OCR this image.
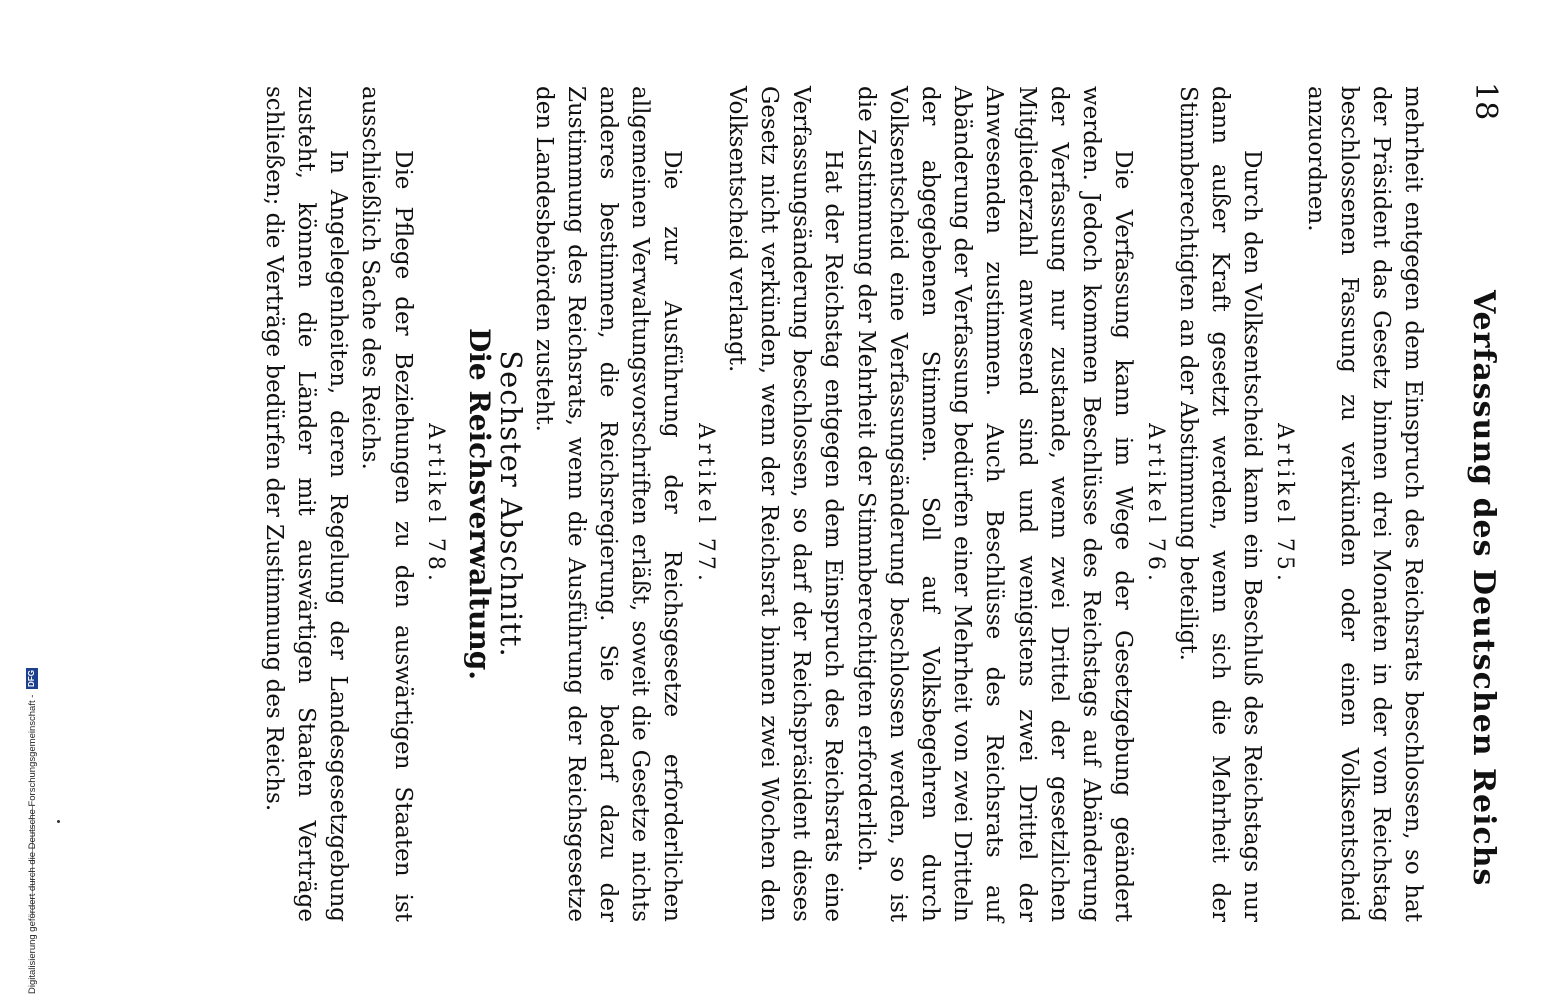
18
Verfassung des Deutschen Reichs

mehrheit entgegen dem Einspruch des Reichsrats beschlossen, so hat der Präsident das Gesetz binnen drei Monaten in der vom Reichstag beschlossenen Fassung zu verkünden oder einen Volksentscheid anzuordnen.

Artikel 75.

Durch den Volksentscheid kann ein Beschluß des Reichstags nur dann außer Kraft gesetzt werden, wenn sich die Mehrheit der Stimmberechtigten an der Abstimmung beteiligt.

Artikel 76.

Die Verfassung kann im Wege der Gesetzgebung geändert werden. Jedoch kommen Beschlüsse des Reichstags auf Abänderung der Verfassung nur zustande, wenn zwei Drittel der gesetzlichen Mitgliederzahl anwesend sind und wenigstens zwei Drittel der Anwesenden zustimmen. Auch Beschlüsse des Reichsrats auf Abänderung der Verfassung bedürfen einer Mehrheit von zwei Dritteln der abgegebenen Stimmen. Soll auf Volksbegehren durch Volksentscheid eine Verfassungsänderung beschlossen werden, so ist die Zustimmung der Mehrheit der Stimmberechtigten erforderlich.

Hat der Reichstag entgegen dem Einspruch des Reichsrats eine Verfassungsänderung beschlossen, so darf der Reichspräsident dieses Gesetz nicht verkünden, wenn der Reichsrat binnen zwei Wochen den Volksentscheid verlangt.

Artikel 77.

Die zur Ausführung der Reichsgesetze erforderlichen allgemeinen Verwaltungsvorschriften erläßt, soweit die Gesetze nichts anderes bestimmen, die Reichsregierung. Sie bedarf dazu der Zustimmung des Reichsrats, wenn die Ausführung der Reichsgesetze den Landesbehörden zusteht.

Sechster Abschnitt.

Die Reichsverwaltung.

Artikel 78.

Die Pflege der Beziehungen zu den auswärtigen Staaten ist ausschließlich Sache des Reichs.

In Angelegenheiten, deren Regelung der Landesgesetzgebung zusteht, können die Länder mit auswärtigen Staaten Verträge schließen; die Verträge bedürfen der Zustimmung des Reichs.

Digitalisierung gefördert durch die Deutsche Forschungsgemeinschaft - DFG
